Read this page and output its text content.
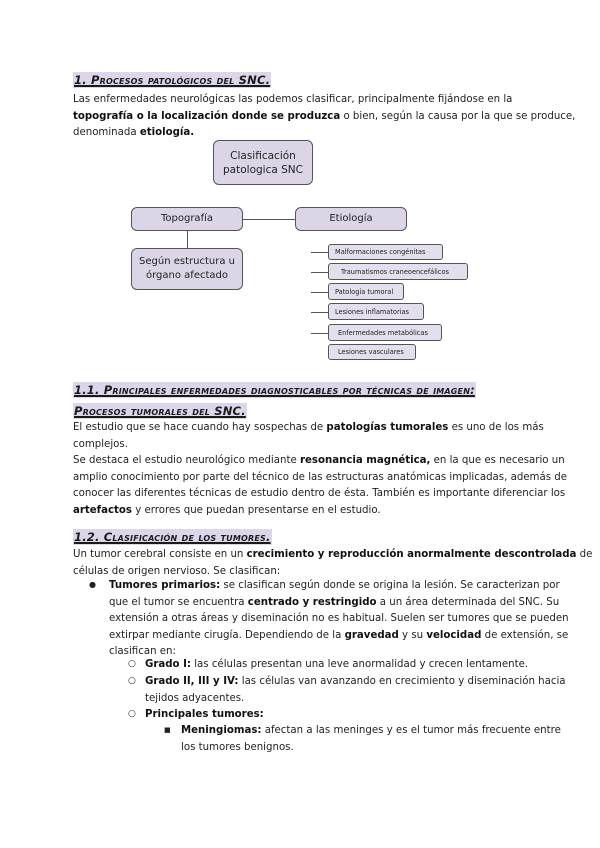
1. Procesos patológicos del SNC.
Las enfermedades neurológicas las podemos clasificar, principalmente fijándose en la
topografía o la localización donde se produzca o bien, según la causa por la que se produce,
denominada etiología.
Clasificación
patologica SNC
Topografía	Etiología
Según estructura u
órgano afectado
Malformaciones congénitas
Traumatismos craneoencefálicos
Patología tumoral
Lesiones inflamatorias
Enfermedades metabólicas
Lesiones vasculares
1.1. Principales enfermedades diagnosticables por técnicas de imagen:
Procesos tumorales del SNC.
El estudio que se hace cuando hay sospechas de patologías tumorales es uno de los más
complejos.
Se destaca el estudio neurológico mediante resonancia magnética, en la que es necesario un
amplio conocimiento por parte del técnico de las estructuras anatómicas implicadas, además de
conocer las diferentes técnicas de estudio dentro de ésta. También es importante diferenciar los
artefactos y errores que puedan presentarse en el estudio.
1.2. Clasificación de los tumores.
Un tumor cerebral consiste en un crecimiento y reproducción anormalmente descontrolada de
células de origen nervioso. Se clasifican:
● Tumores primarios: se clasifican según donde se origina la lesión. Se caracterizan por
que el tumor se encuentra centrado y restringido a un área determinada del SNC. Su
extensión a otras áreas y diseminación no es habitual. Suelen ser tumores que se pueden
extirpar mediante cirugía. Dependiendo de la gravedad y su velocidad de extensión, se
clasifican en:
○ Grado I: las células presentan una leve anormalidad y crecen lentamente.
○ Grado II, III y IV: las células van avanzando en crecimiento y diseminación hacia
tejidos adyacentes.
○ Principales tumores:
■ Meningiomas: afectan a las meninges y es el tumor más frecuente entre
los tumores benignos.
